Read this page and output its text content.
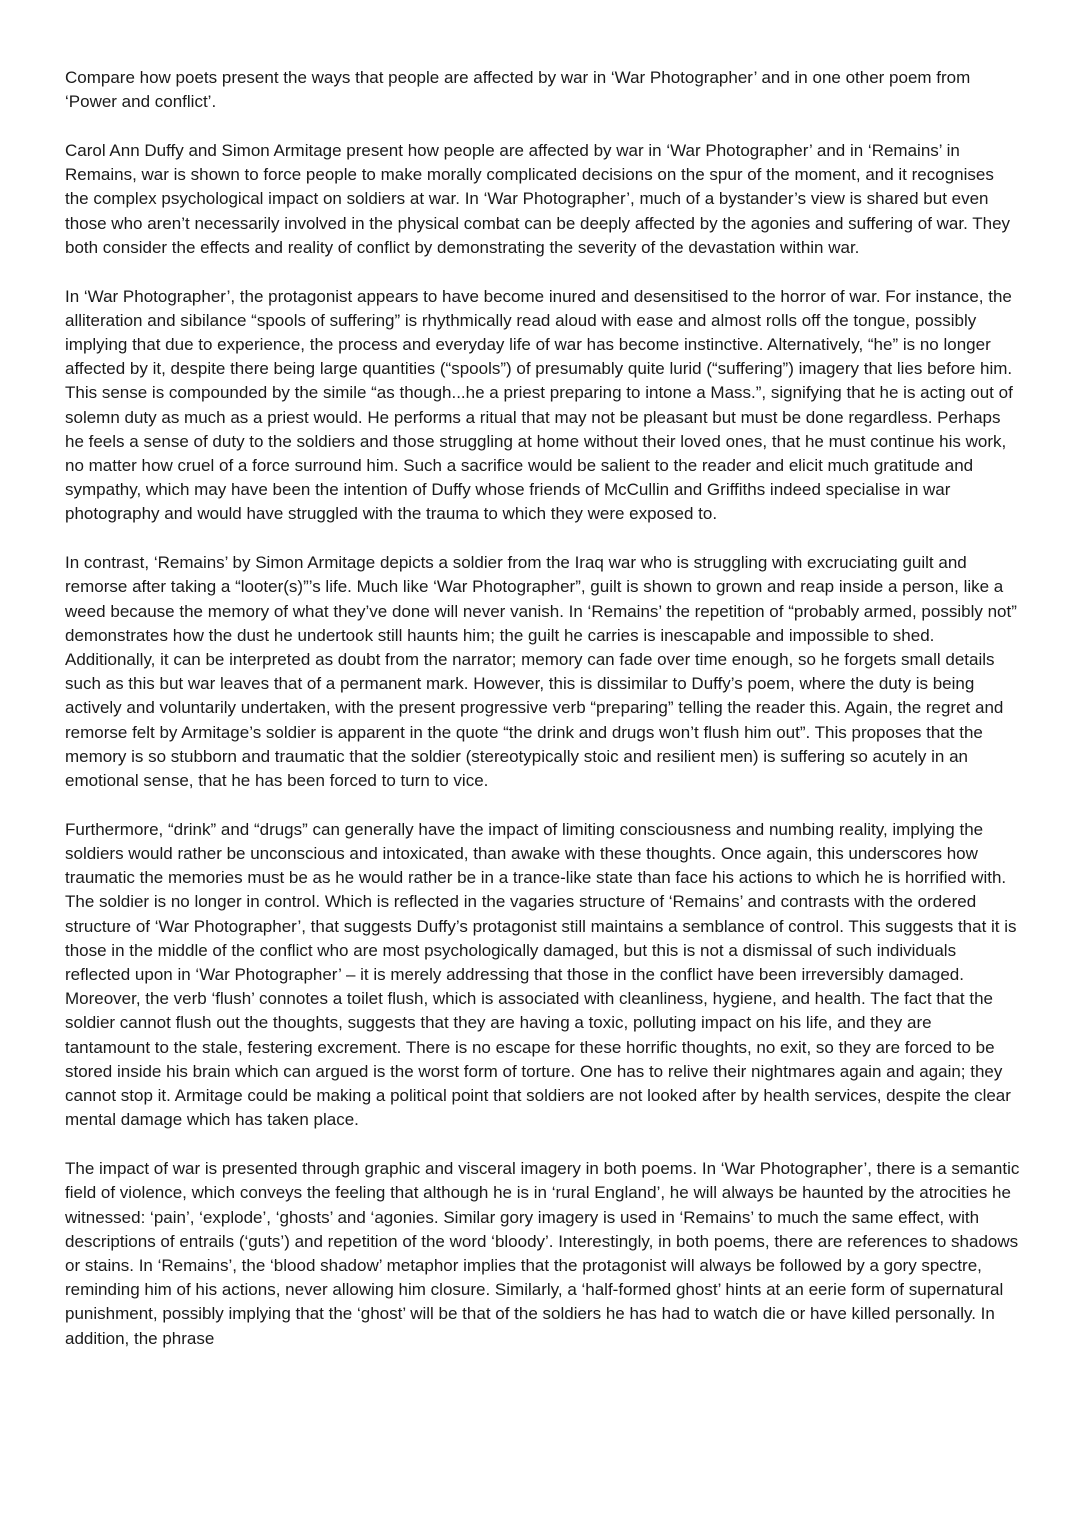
Compare how poets present the ways that people are affected by war in ‘War Photographer’ and in one other poem from ‘Power and conflict’.

Carol Ann Duffy and Simon Armitage present how people are affected by war in ‘War Photographer’ and in ‘Remains’ in Remains, war is shown to force people to make morally complicated decisions on the spur of the moment, and it recognises the complex psychological impact on soldiers at war. In ‘War Photographer’, much of a bystander’s view is shared but even those who aren’t necessarily involved in the physical combat can be deeply affected by the agonies and suffering of war. They both consider the effects and reality of conflict by demonstrating the severity of the devastation within war.

In ‘War Photographer’, the protagonist appears to have become inured and desensitised to the horror of war. For instance, the alliteration and sibilance “spools of suffering” is rhythmically read aloud with ease and almost rolls off the tongue, possibly implying that due to experience, the process and everyday life of war has become instinctive. Alternatively, “he” is no longer affected by it, despite there being large quantities (“spools”) of presumably quite lurid (“suffering”) imagery that lies before him. This sense is compounded by the simile “as though...he a priest preparing to intone a Mass.”, signifying that he is acting out of solemn duty as much as a priest would. He performs a ritual that may not be pleasant but must be done regardless. Perhaps he feels a sense of duty to the soldiers and those struggling at home without their loved ones, that he must continue his work, no matter how cruel of a force surround him. Such a sacrifice would be salient to the reader and elicit much gratitude and sympathy, which may have been the intention of Duffy whose friends of McCullin and Griffiths indeed specialise in war photography and would have struggled with the trauma to which they were exposed to.

In contrast, ‘Remains’ by Simon Armitage depicts a soldier from the Iraq war who is struggling with excruciating guilt and remorse after taking a “looter(s)”’s life. Much like ‘War Photographer”, guilt is shown to grown and reap inside a person, like a weed because the memory of what they’ve done will never vanish. In ‘Remains’ the repetition of “probably armed, possibly not” demonstrates how the dust he undertook still haunts him; the guilt he carries is inescapable and impossible to shed. Additionally, it can be interpreted as doubt from the narrator; memory can fade over time enough, so he forgets small details such as this but war leaves that of a permanent mark. However, this is dissimilar to Duffy’s poem, where the duty is being actively and voluntarily undertaken, with the present progressive verb “preparing” telling the reader this. Again, the regret and remorse felt by Armitage’s soldier is apparent in the quote “the drink and drugs won’t flush him out”. This proposes that the memory is so stubborn and traumatic that the soldier (stereotypically stoic and resilient men) is suffering so acutely in an emotional sense, that he has been forced to turn to vice.

Furthermore, “drink” and “drugs” can generally have the impact of limiting consciousness and numbing reality, implying the soldiers would rather be unconscious and intoxicated, than awake with these thoughts. Once again, this underscores how traumatic the memories must be as he would rather be in a trance-like state than face his actions to which he is horrified with. The soldier is no longer in control. Which is reflected in the vagaries structure of ‘Remains’ and contrasts with the ordered structure of ‘War Photographer’, that suggests Duffy’s protagonist still maintains a semblance of control. This suggests that it is those in the middle of the conflict who are most psychologically damaged, but this is not a dismissal of such individuals reflected upon in ‘War Photographer’ – it is merely addressing that those in the conflict have been irreversibly damaged. Moreover, the verb ‘flush’ connotes a toilet flush, which is associated with cleanliness, hygiene, and health. The fact that the soldier cannot flush out the thoughts, suggests that they are having a toxic, polluting impact on his life, and they are tantamount to the stale, festering excrement. There is no escape for these horrific thoughts, no exit, so they are forced to be stored inside his brain which can argued is the worst form of torture. One has to relive their nightmares again and again; they cannot stop it. Armitage could be making a political point that soldiers are not looked after by health services, despite the clear mental damage which has taken place.

The impact of war is presented through graphic and visceral imagery in both poems. In ‘War Photographer’, there is a semantic field of violence, which conveys the feeling that although he is in ‘rural England’, he will always be haunted by the atrocities he witnessed: ‘pain’, ‘explode’, ‘ghosts’ and ‘agonies. Similar gory imagery is used in ‘Remains’ to much the same effect, with descriptions of entrails (‘guts’) and repetition of the word ‘bloody’. Interestingly, in both poems, there are references to shadows or stains. In ‘Remains’, the ‘blood shadow’ metaphor implies that the protagonist will always be followed by a gory spectre, reminding him of his actions, never allowing him closure. Similarly, a ‘half-formed ghost’ hints at an eerie form of supernatural punishment, possibly implying that the ‘ghost’ will be that of the soldiers he has had to watch die or have killed personally. In addition, the phrase
